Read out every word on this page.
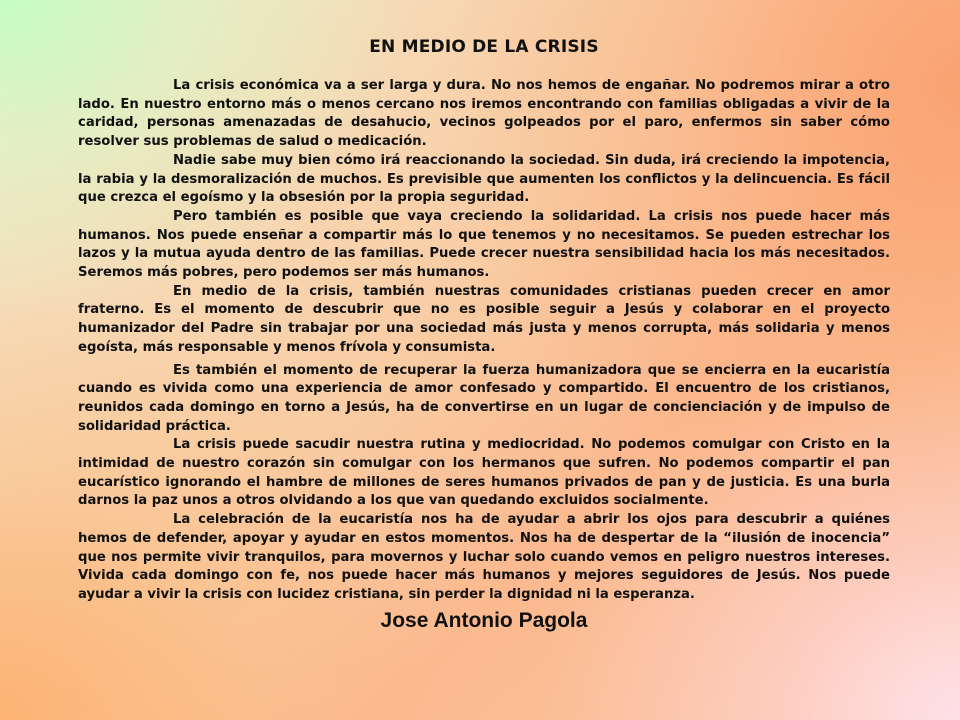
EN MEDIO DE LA CRISIS

La crisis económica va a ser larga y dura. No nos hemos de engañar. No podremos mirar a otro lado. En nuestro entorno más o menos cercano nos iremos encontrando con familias obligadas a vivir de la caridad, personas amenazadas de desahucio, vecinos golpeados por el paro, enfermos sin saber cómo resolver sus problemas de salud o medicación.

Nadie sabe muy bien cómo irá reaccionando la sociedad. Sin duda, irá creciendo la impotencia, la rabia y la desmoralización de muchos. Es previsible que aumenten los conflictos y la delincuencia. Es fácil que crezca el egoísmo y la obsesión por la propia seguridad.

Pero también es posible que vaya creciendo la solidaridad. La crisis nos puede hacer más humanos. Nos puede enseñar a compartir más lo que tenemos y no necesitamos. Se pueden estrechar los lazos y la mutua ayuda dentro de las familias. Puede crecer nuestra sensibilidad hacia los más necesitados. Seremos más pobres, pero podemos ser más humanos.

En medio de la crisis, también nuestras comunidades cristianas pueden crecer en amor fraterno. Es el momento de descubrir que no es posible seguir a Jesús y colaborar en el proyecto humanizador del Padre sin trabajar por una sociedad más justa y menos corrupta, más solidaria y menos egoísta, más responsable y menos frívola y consumista.

Es también el momento de recuperar la fuerza humanizadora que se encierra en la eucaristía cuando es vivida como una experiencia de amor confesado y compartido. El encuentro de los cristianos, reunidos cada domingo en torno a Jesús, ha de convertirse en un lugar de concienciación y de impulso de solidaridad práctica.

La crisis puede sacudir nuestra rutina y mediocridad. No podemos comulgar con Cristo en la intimidad de nuestro corazón sin comulgar con los hermanos que sufren. No podemos compartir el pan eucarístico ignorando el hambre de millones de seres humanos privados de pan y de justicia. Es una burla darnos la paz unos a otros olvidando a los que van quedando excluidos socialmente.

La celebración de la eucaristía nos ha de ayudar a abrir los ojos para descubrir a quiénes hemos de defender, apoyar y ayudar en estos momentos. Nos ha de despertar de la “ilusión de inocencia” que nos permite vivir tranquilos, para movernos y luchar solo cuando vemos en peligro nuestros intereses. Vivida cada domingo con fe, nos puede hacer más humanos y mejores seguidores de Jesús. Nos puede ayudar a vivir la crisis con lucidez cristiana, sin perder la dignidad ni la esperanza.

Jose Antonio Pagola
